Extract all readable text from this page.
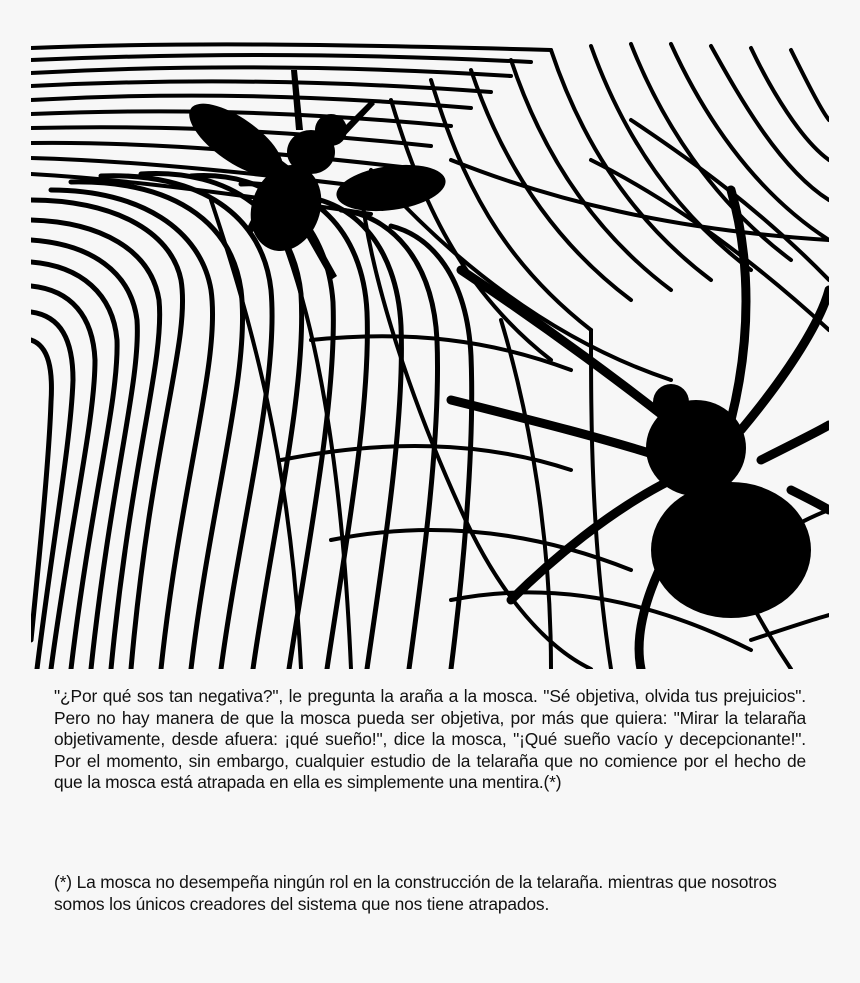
"¿Por qué sos tan negativa?", le pregunta la araña a la mosca. "Sé objetiva, olvida tus prejuicios". Pero no hay manera de que la mosca pueda ser objetiva, por más que quiera: "Mirar la telaraña objetivamente, desde afuera: ¡qué sueño!", dice la mosca, "¡Qué sueño vacío y decepcionante!". Por el momento, sin embargo, cualquier estudio de la telaraña que no comience por el hecho de que la mosca está atrapada en ella es simplemente una mentira.(*)

(*) La mosca no desempeña ningún rol en la construcción de la telaraña. mientras que nosotros somos los únicos creadores del sistema que nos tiene atrapados.
